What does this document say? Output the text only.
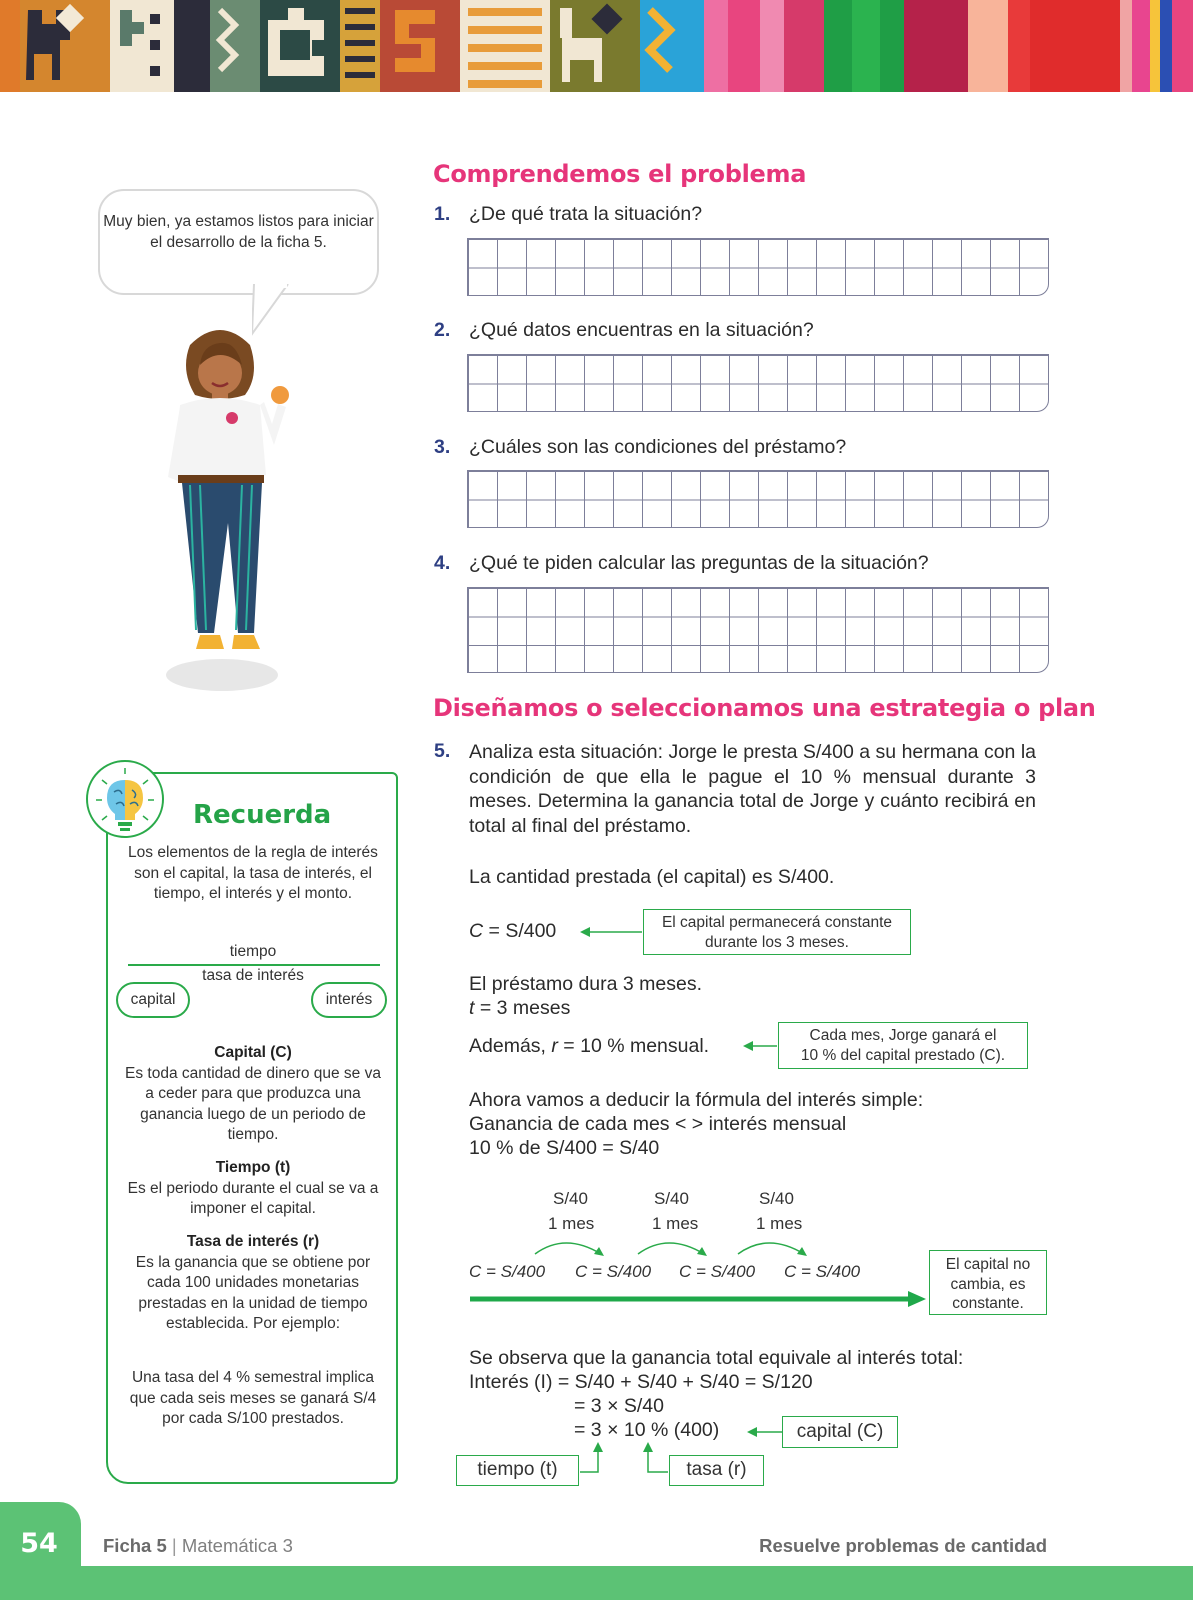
Muy bien, ya estamos listos para iniciar el desarrollo de la ficha 5.
Comprendemos el problema
1. ¿De qué trata la situación?
2. ¿Qué datos encuentras en la situación?
3. ¿Cuáles son las condiciones del préstamo?
4. ¿Qué te piden calcular las preguntas de la situación?
Diseñamos o seleccionamos una estrategia o plan
5. Analiza esta situación: Jorge le presta S/400 a su hermana con la condición de que ella le pague el 10 % mensual durante 3 meses. Determina la ganancia total de Jorge y cuánto recibirá en total al final del préstamo.
La cantidad prestada (el capital) es S/400.
C = S/400	El capital permanecerá constante durante los 3 meses.
El préstamo dura 3 meses.
t = 3 meses
Además, r = 10 % mensual.	Cada mes, Jorge ganará el
10 % del capital prestado (C).
Ahora vamos a deducir la fórmula del interés simple:
Ganancia de cada mes < > interés mensual
10 % de S/400 = S/40
S/40
1 mes
S/40
1 mes
S/40
1 mes
C = S/400 C = S/400 C = S/400 C = S/400	El capital no cambia, es constante.
Se observa que la ganancia total equivale al interés total:
Interés (I) = S/40 + S/40 + S/40 = S/120
= 3 × S/40
= 3 × 10 % (400)	capital (C)
tiempo (t)	tasa (r)
Recuerda
Los elementos de la regla de interés son el capital, la tasa de interés, el tiempo, el interés y el monto.
tiempo
tasa de interés
capital	interés
Capital (C)
Es toda cantidad de dinero que se va a ceder para que produzca una ganancia luego de un periodo de tiempo.
Tiempo (t)
Es el periodo durante el cual se va a imponer el capital.
Tasa de interés (r)
Es la ganancia que se obtiene por cada 100 unidades monetarias prestadas en la unidad de tiempo establecida. Por ejemplo:
Una tasa del 4 % semestral implica que cada seis meses se ganará S/4 por cada S/100 prestados.
54	Ficha 5 | Matemática 3	Resuelve problemas de cantidad
